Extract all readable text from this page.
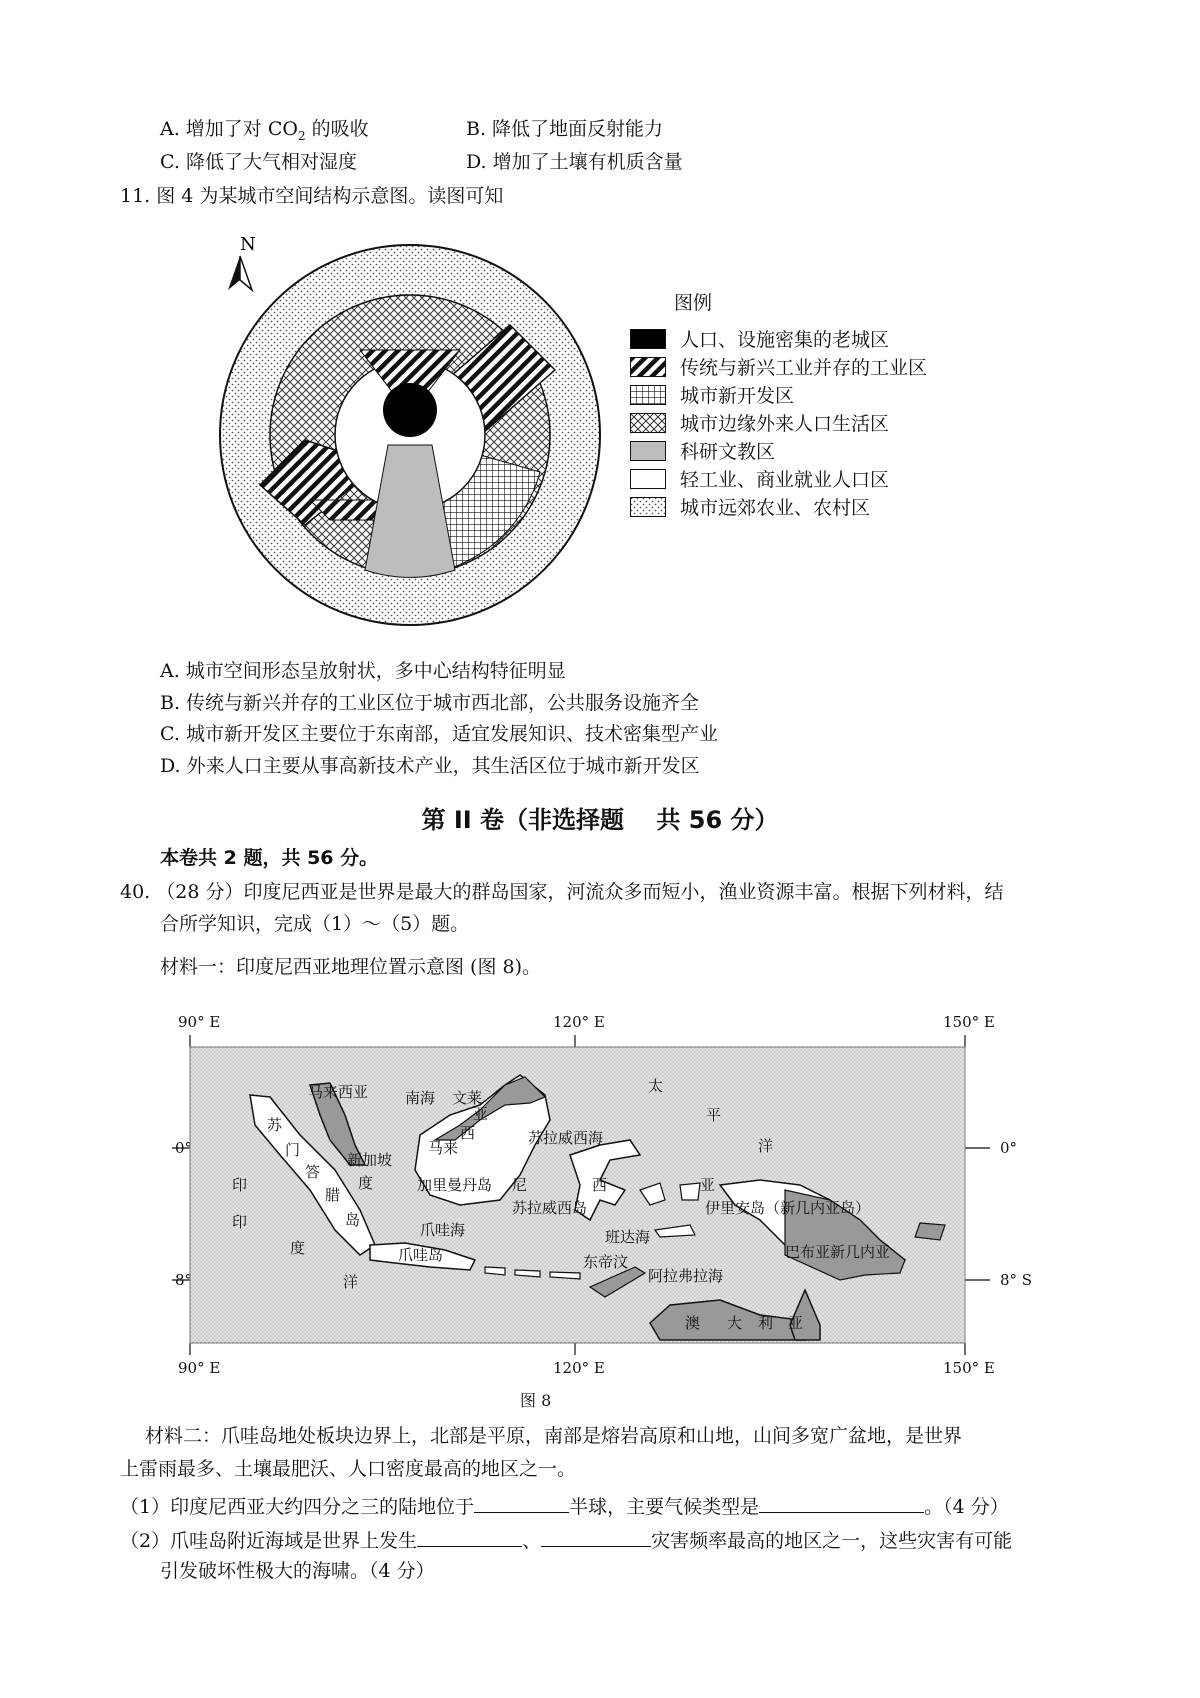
A. 增加了对 $CO_2$ 的吸收	B. 降低了地面反射能力
C. 降低了大气相对湿度	D. 增加了土壤有机质含量
11. 图 4 为某城市空间结构示意图。读图可知
N
图例
人口、设施密集的老城区
传统与新兴工业并存的工业区
城市新开发区
城市边缘外来人口生活区
科研文教区
轻工业、商业就业人口区
城市远郊农业、农村区
A. 城市空间形态呈放射状，多中心结构特征明显
B. 传统与新兴并存的工业区位于城市西北部，公共服务设施齐全
C. 城市新开发区主要位于东南部，适宜发展知识、技术密集型产业
D. 外来人口主要从事高新技术产业，其生活区位于城市新开发区
第 II 卷（非选择题　 共 56 分）
本卷共 2 题，共 56 分。
40. （28 分）印度尼西亚是世界是最大的群岛国家，河流众多而短小，渔业资源丰富。根据下列材料，结
合所学知识，完成（1）～（5）题。
材料一：印度尼西亚地理位置示意图 (图 8)。
90° E	120° E	150° E
90° E	120° E	150° E
0°
8° S
马来西亚 南海 文莱
亚
西
马来
苏拉威西海
新加坡
加里曼丹岛 尼
苏拉威西岛
苏
门
答
腊
岛
度
爪哇海
爪哇岛
班达海
东帝汶
阿拉弗拉海
伊里安岛（新几内亚岛）
巴布亚新几内亚
澳 大 利 亚
太
平
洋
西	亚
印
印
度
洋
图 8
材料二：爪哇岛地处板块边界上，北部是平原，南部是熔岩高原和山地，山间多宽广盆地，是世界
上雷雨最多、土壤最肥沃、人口密度最高的地区之一。
（1）印度尼西亚大约四分之三的陆地位于	半球，主要气候类型是	。（4 分）
（2）爪哇岛附近海域是世界上发生	、	灾害频率最高的地区之一，这些灾害有可能
引发破坏性极大的海啸。（4 分）
